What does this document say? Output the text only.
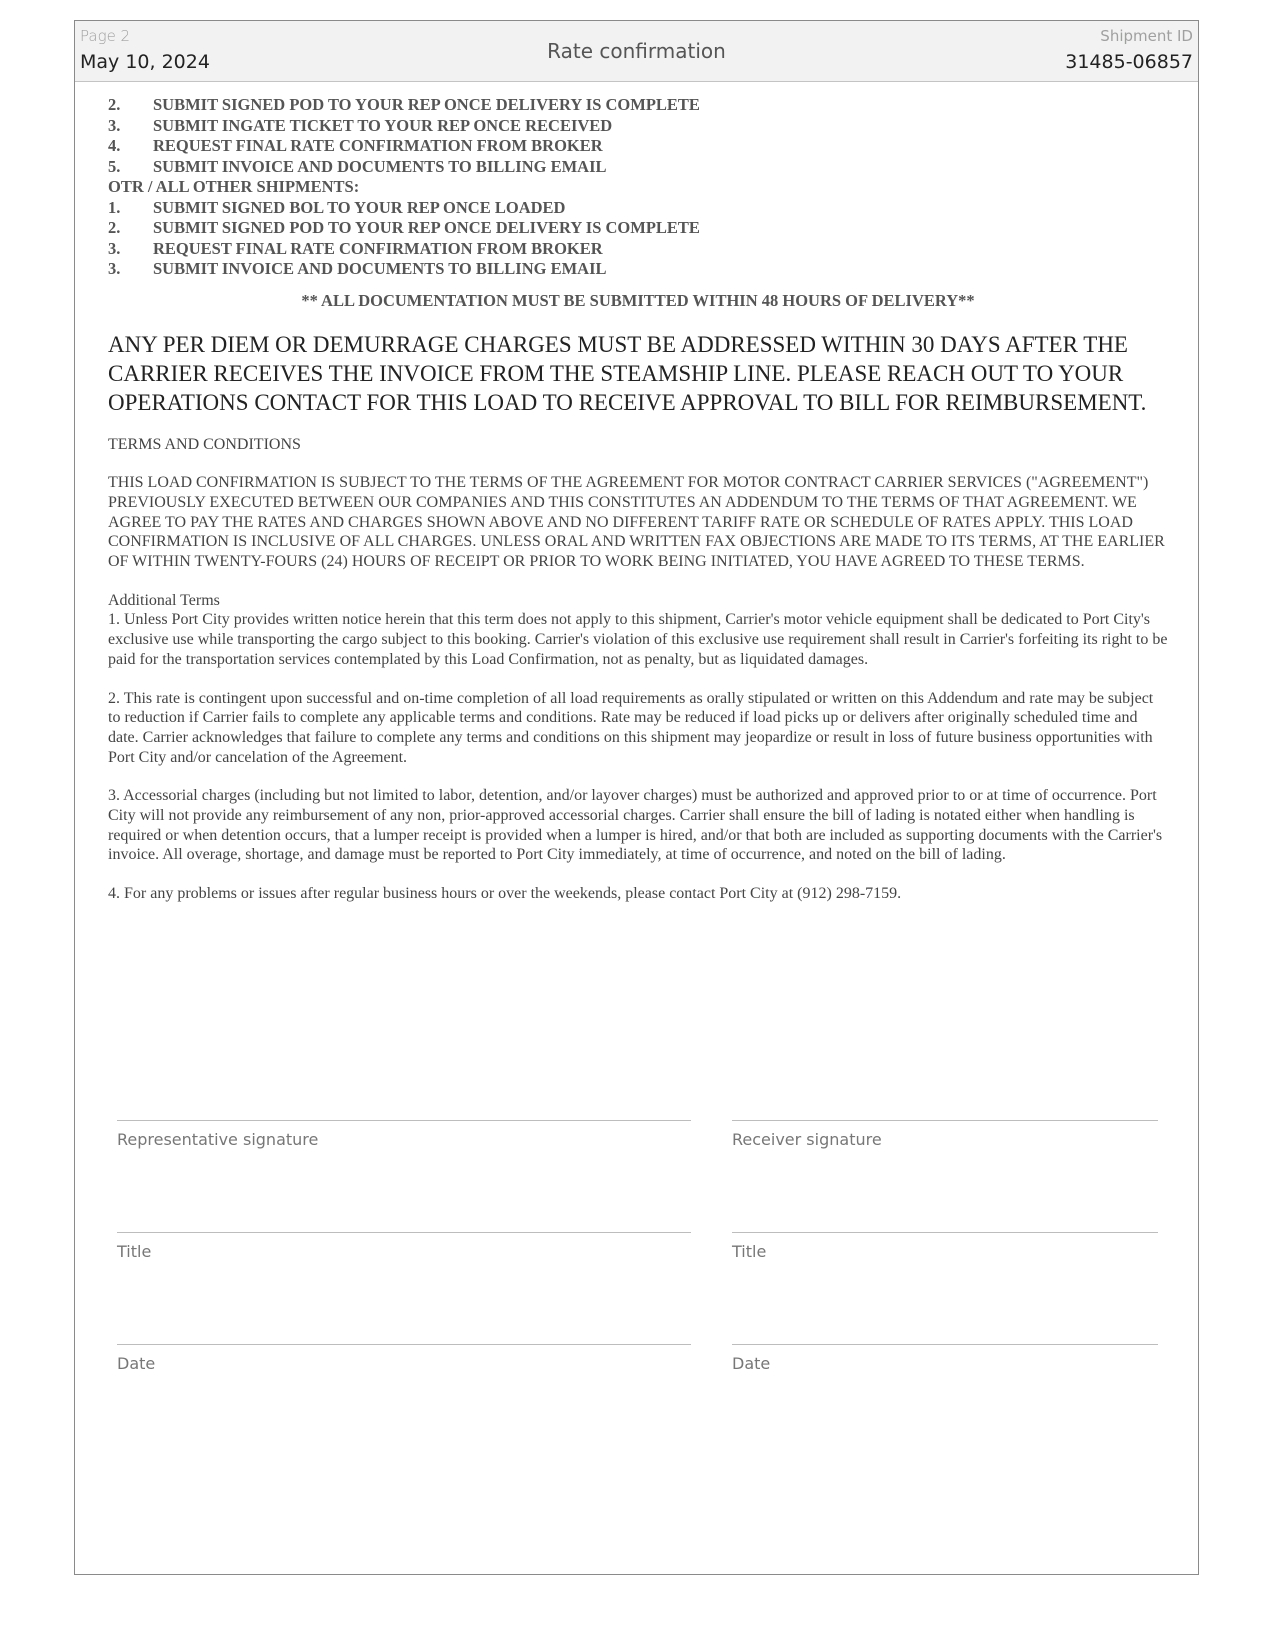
Page 2
May 10, 2024	Rate confirmation
Shipment ID
31485-06857
2. SUBMIT SIGNED POD TO YOUR REP ONCE DELIVERY IS COMPLETE
3. SUBMIT INGATE TICKET TO YOUR REP ONCE RECEIVED
4. REQUEST FINAL RATE CONFIRMATION FROM BROKER
5. SUBMIT INVOICE AND DOCUMENTS TO BILLING EMAIL
OTR / ALL OTHER SHIPMENTS:
1. SUBMIT SIGNED BOL TO YOUR REP ONCE LOADED
2. SUBMIT SIGNED POD TO YOUR REP ONCE DELIVERY IS COMPLETE
3. REQUEST FINAL RATE CONFIRMATION FROM BROKER
3. SUBMIT INVOICE AND DOCUMENTS TO BILLING EMAIL
** ALL DOCUMENTATION MUST BE SUBMITTED WITHIN 48 HOURS OF DELIVERY**
ANY PER DIEM OR DEMURRAGE CHARGES MUST BE ADDRESSED WITHIN 30 DAYS AFTER THE CARRIER RECEIVES THE INVOICE FROM THE STEAMSHIP LINE. PLEASE REACH OUT TO YOUR OPERATIONS CONTACT FOR THIS LOAD TO RECEIVE APPROVAL TO BILL FOR REIMBURSEMENT.
TERMS AND CONDITIONS
THIS LOAD CONFIRMATION IS SUBJECT TO THE TERMS OF THE AGREEMENT FOR MOTOR CONTRACT CARRIER SERVICES ("AGREEMENT") PREVIOUSLY EXECUTED BETWEEN OUR COMPANIES AND THIS CONSTITUTES AN ADDENDUM TO THE TERMS OF THAT AGREEMENT. WE AGREE TO PAY THE RATES AND CHARGES SHOWN ABOVE AND NO DIFFERENT TARIFF RATE OR SCHEDULE OF RATES APPLY. THIS LOAD CONFIRMATION IS INCLUSIVE OF ALL CHARGES. UNLESS ORAL AND WRITTEN FAX OBJECTIONS ARE MADE TO ITS TERMS, AT THE EARLIER OF WITHIN TWENTY-FOURS (24) HOURS OF RECEIPT OR PRIOR TO WORK BEING INITIATED, YOU HAVE AGREED TO THESE TERMS.
Additional Terms
1. Unless Port City provides written notice herein that this term does not apply to this shipment, Carrier's motor vehicle equipment shall be dedicated to Port City's exclusive use while transporting the cargo subject to this booking. Carrier's violation of this exclusive use requirement shall result in Carrier's forfeiting its right to be paid for the transportation services contemplated by this Load Confirmation, not as penalty, but as liquidated damages.
2. This rate is contingent upon successful and on-time completion of all load requirements as orally stipulated or written on this Addendum and rate may be subject to reduction if Carrier fails to complete any applicable terms and conditions. Rate may be reduced if load picks up or delivers after originally scheduled time and date. Carrier acknowledges that failure to complete any terms and conditions on this shipment may jeopardize or result in loss of future business opportunities with Port City and/or cancelation of the Agreement.
3. Accessorial charges (including but not limited to labor, detention, and/or layover charges) must be authorized and approved prior to or at time of occurrence. Port City will not provide any reimbursement of any non, prior-approved accessorial charges. Carrier shall ensure the bill of lading is notated either when handling is required or when detention occurs, that a lumper receipt is provided when a lumper is hired, and/or that both are included as supporting documents with the Carrier's invoice. All overage, shortage, and damage must be reported to Port City immediately, at time of occurrence, and noted on the bill of lading.
4. For any problems or issues after regular business hours or over the weekends, please contact Port City at (912) 298-7159.
Representative signature	Receiver signature
Title	Title
Date	Date
